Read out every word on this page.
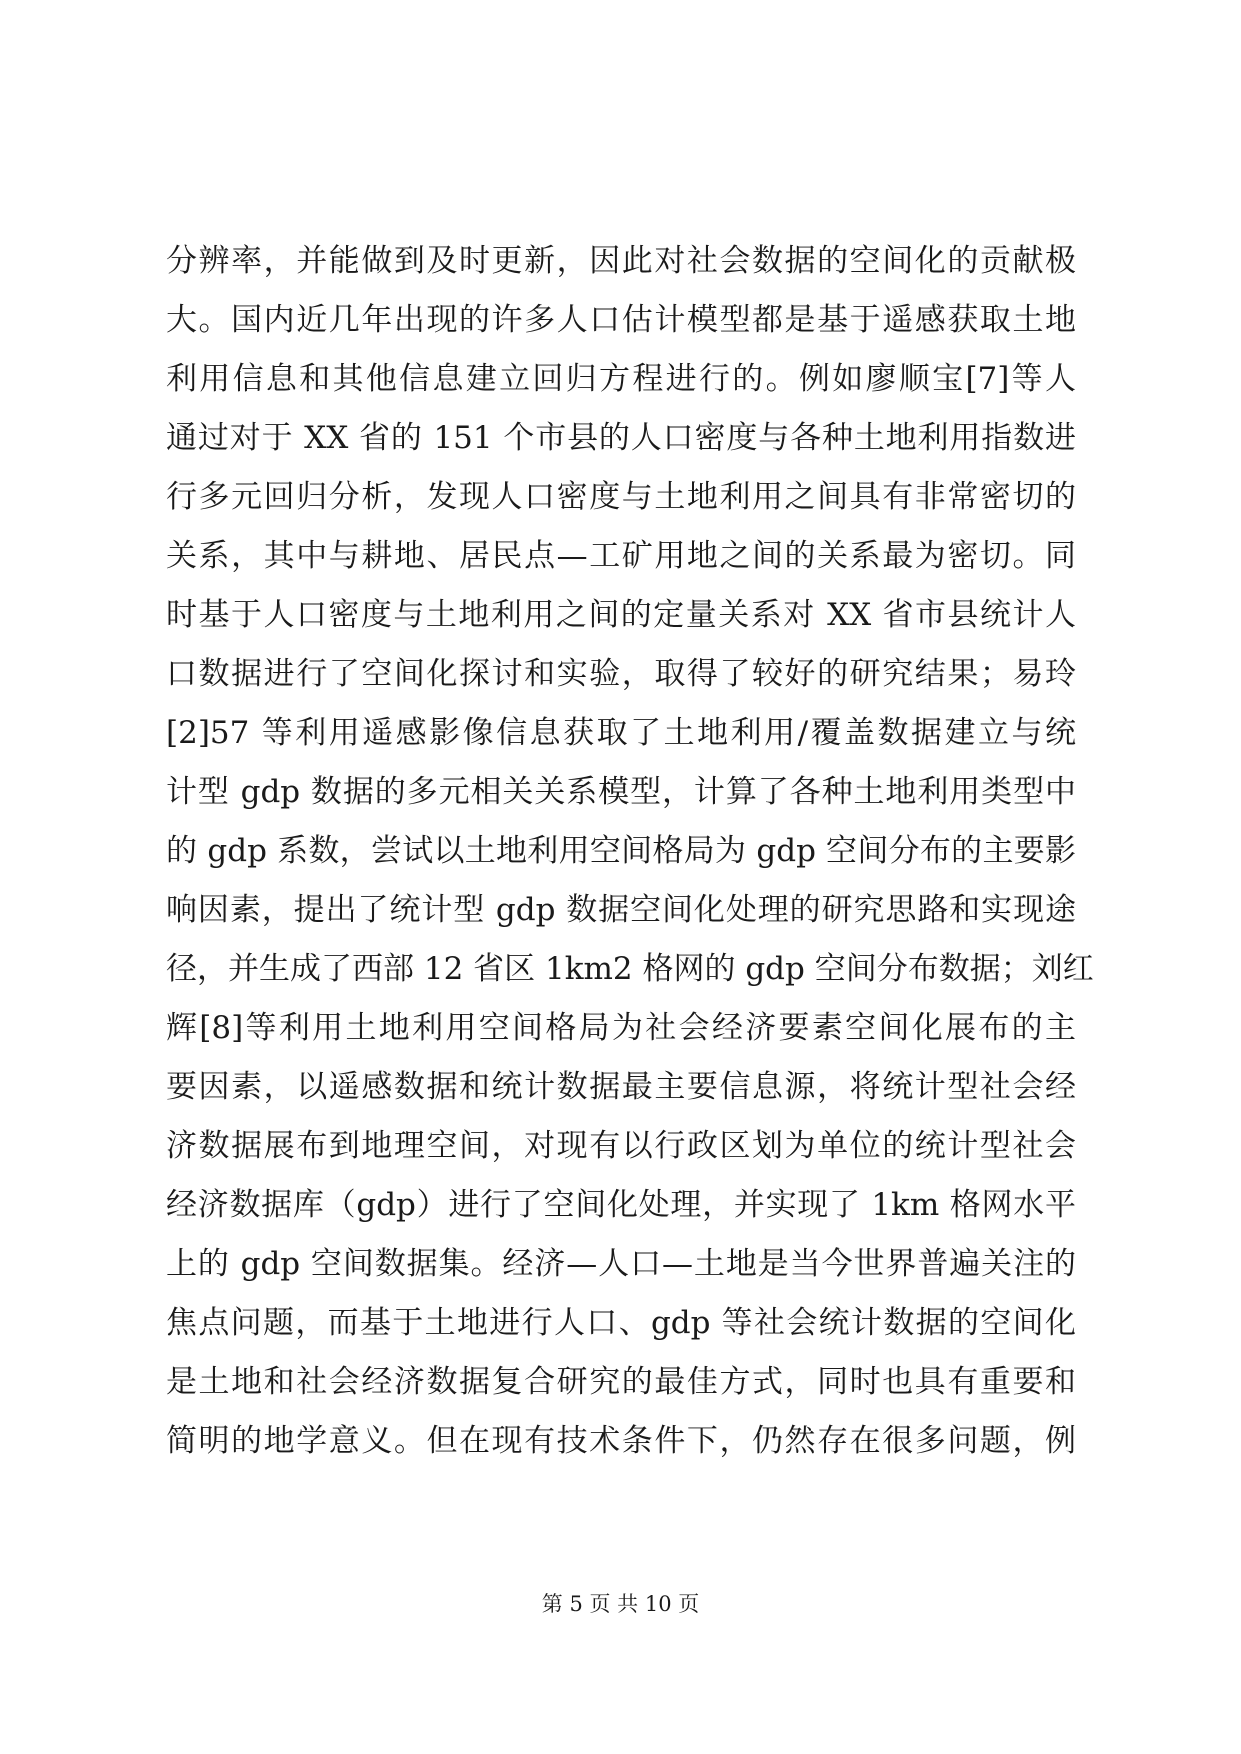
分辨率，并能做到及时更新，因此对社会数据的空间化的贡献极
大。国内近几年出现的许多人口估计模型都是基于遥感获取土地
利用信息和其他信息建立回归方程进行的。例如廖顺宝[7]等人
通过对于 XX 省的 151 个市县的人口密度与各种土地利用指数进
行多元回归分析，发现人口密度与土地利用之间具有非常密切的
关系，其中与耕地、居民点—工矿用地之间的关系最为密切。同
时基于人口密度与土地利用之间的定量关系对 XX 省市县统计人
口数据进行了空间化探讨和实验，取得了较好的研究结果；易玲
[2]57 等利用遥感影像信息获取了土地利用/覆盖数据建立与统
计型 gdp 数据的多元相关关系模型，计算了各种土地利用类型中
的 gdp 系数，尝试以土地利用空间格局为 gdp 空间分布的主要影
响因素，提出了统计型 gdp 数据空间化处理的研究思路和实现途
径，并生成了西部 12 省区 1km2 格网的 gdp 空间分布数据；刘红
辉[8]等利用土地利用空间格局为社会经济要素空间化展布的主
要因素，以遥感数据和统计数据最主要信息源，将统计型社会经
济数据展布到地理空间，对现有以行政区划为单位的统计型社会
经济数据库（gdp）进行了空间化处理，并实现了 1km 格网水平
上的 gdp 空间数据集。经济—人口—土地是当今世界普遍关注的
焦点问题，而基于土地进行人口、gdp 等社会统计数据的空间化
是土地和社会经济数据复合研究的最佳方式，同时也具有重要和
简明的地学意义。但在现有技术条件下，仍然存在很多问题，例
第 5 页 共 10 页
